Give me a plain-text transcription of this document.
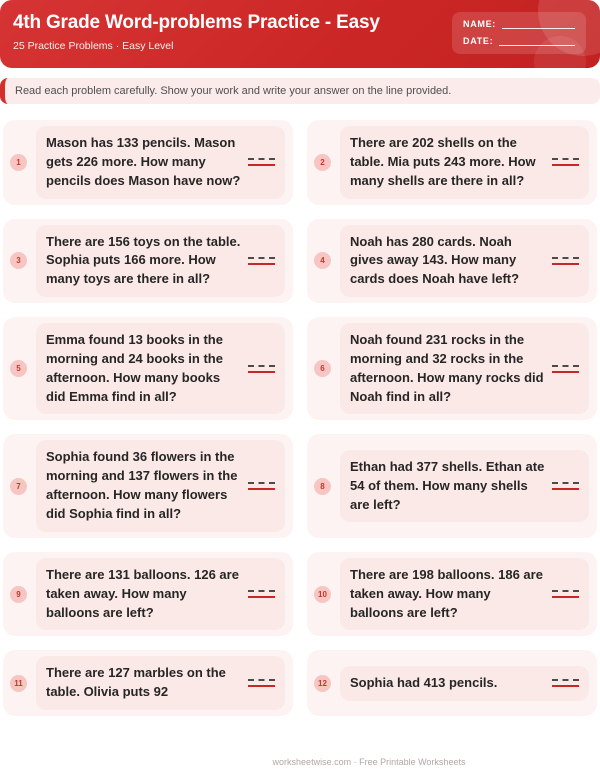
4th Grade Word-problems Practice - Easy
25 Practice Problems · Easy Level
NAME:
DATE:
Read each problem carefully. Show your work and write your answer on the line provided.
1

Mason has 133 pencils. Mason gets 226 more. How many pencils does Mason have now?

2

There are 202 shells on the table. Mia puts 243 more. How many shells are there in all?

3

There are 156 toys on the table. Sophia puts 166 more. How many toys are there in all?

4

Noah has 280 cards. Noah gives away 143. How many cards does Noah have left?

5

Emma found 13 books in the morning and 24 books in the afternoon. How many books did Emma find in all?

6

Noah found 231 rocks in the morning and 32 rocks in the afternoon. How many rocks did Noah find in all?

7

Sophia found 36 flowers in the morning and 137 flowers in the afternoon. How many flowers did Sophia find in all?

8

Ethan had 377 shells. Ethan ate 54 of them. How many shells are left?

9

There are 131 balloons. 126 are taken away. How many balloons are left?

10

There are 198 balloons. 186 are taken away. How many balloons are left?

11

There are 127 marbles on the table. Olivia puts 92

12	Sophia had 413 pencils.

worksheetwise.com · Free Printable Worksheets
